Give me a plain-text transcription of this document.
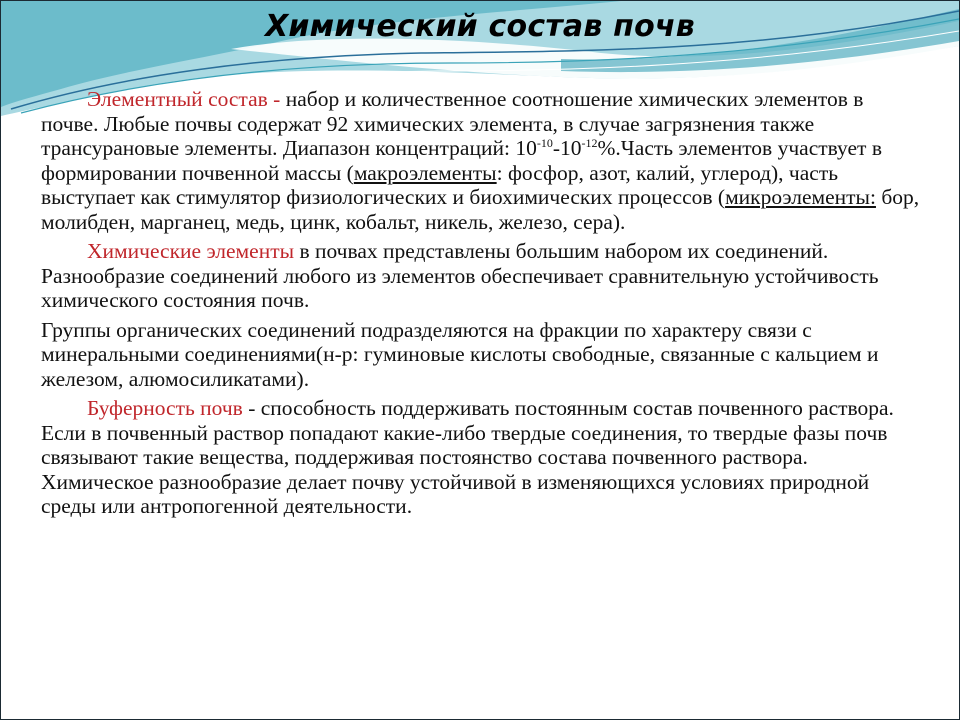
Химический состав почв

Элементный состав - набор и количественное соотношение химических элементов в почве. Любые почвы содержат 92 химических элемента, в случае загрязнения также трансурановые элементы. Диапазон концентраций: $10^{-10}-10^{-12}\%.Часть$ элементов участвует в формировании почвенной массы (макроэлементы: фосфор, азот, калий, углерод), часть выступает как стимулятор физиологических и биохимических процессов (микроэлементы: бор, молибден, марганец, медь, цинк, кобальт, никель, железо, сера).

Химические элементы в почвах представлены большим набором их соединений. Разнообразие соединений любого из элементов обеспечивает сравнительную устойчивость химического состояния почв.

Группы органических соединений подразделяются на фракции по характеру связи с минеральными соединениями(н-р: гуминовые кислоты свободные, связанные с кальцием и железом, алюмосиликатами).

Буферность почв - способность поддерживать постоянным состав почвенного раствора. Если в почвенный раствор попадают какие-либо твердые соединения, то твердые фазы почв связывают такие вещества, поддерживая постоянство состава почвенного раствора. Химическое разнообразие делает почву устойчивой в изменяющихся условиях природной среды или антропогенной деятельности.
